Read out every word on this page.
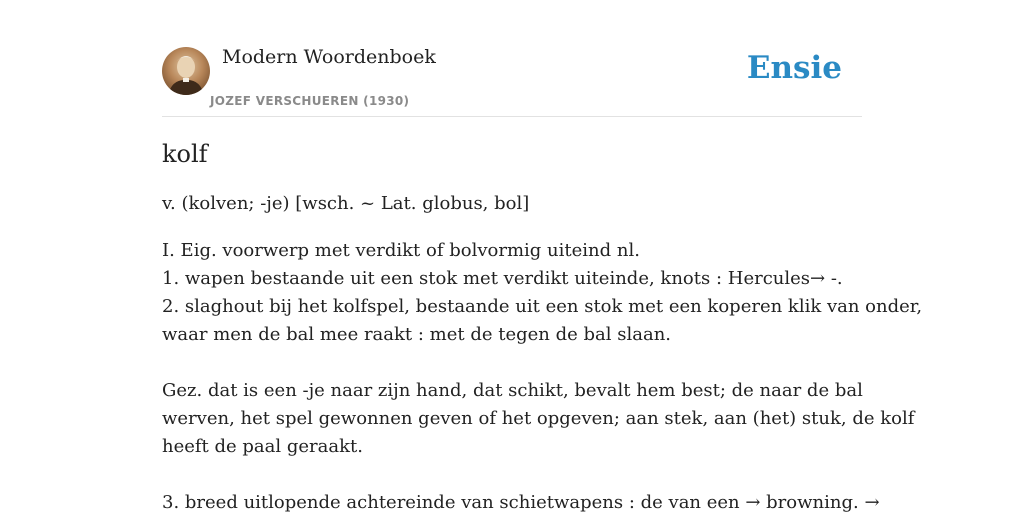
Modern Woordenboek
JOZEF VERSCHUEREN (1930)
Ensie
kolf
v. (kolven; -je) [wsch. ~ Lat. globus, bol]
I. Eig. voorwerp met verdikt of bolvormig uiteind nl.
1. wapen bestaande uit een stok met verdikt uiteinde, knots : Hercules→ -.
2. slaghout bij het kolfspel, bestaande uit een stok met een koperen klik van onder,
waar men de bal mee raakt : met de tegen de bal slaan.
Gez. dat is een -je naar zijn hand, dat schikt, bevalt hem best; de naar de bal
werven, het spel gewonnen geven of het opgeven; aan stek, aan (het) stuk, de kolf
heeft de paal geraakt.
3. breed uitlopende achtereinde van schietwapens : de van een → browning. →
